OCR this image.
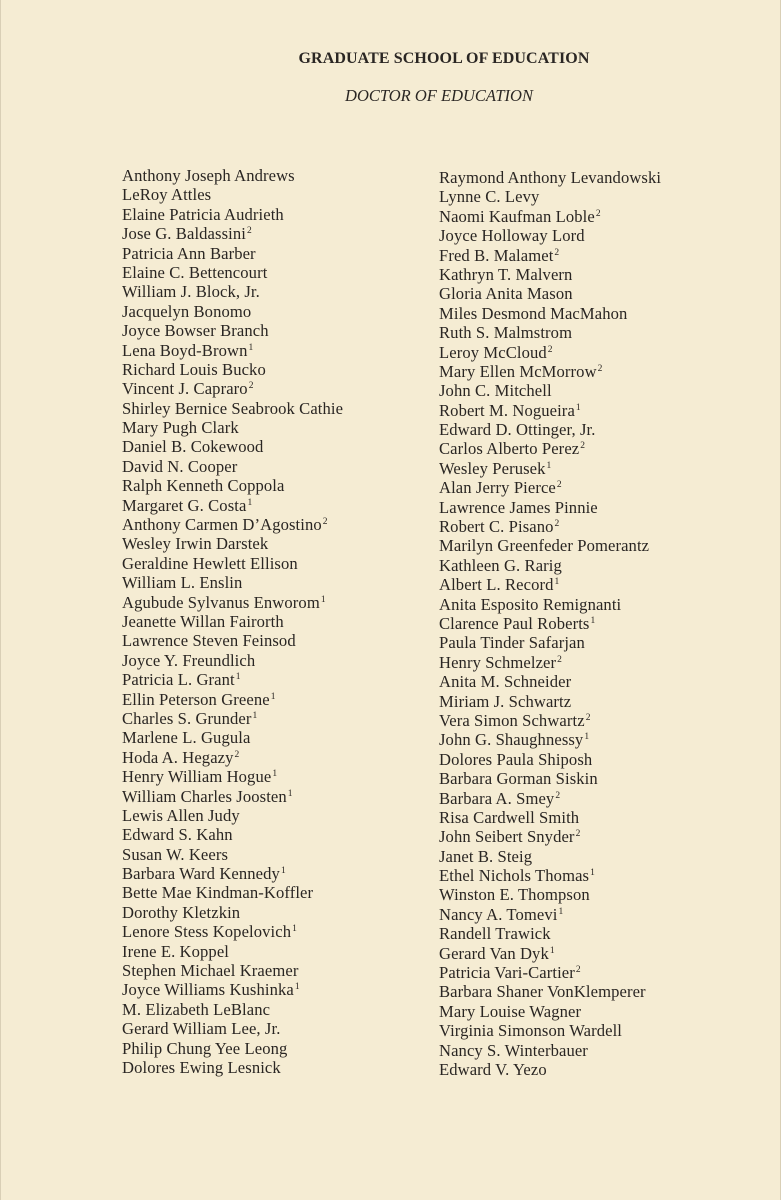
GRADUATE SCHOOL OF EDUCATION
DOCTOR OF EDUCATION
Anthony Joseph Andrews
LeRoy Attles
Elaine Patricia Audrieth
Jose G. Baldassini$^2$
Patricia Ann Barber
Elaine C. Bettencourt
William J. Block, Jr.
Jacquelyn Bonomo
Joyce Bowser Branch
Lena Boyd-Brown$^1$
Richard Louis Bucko
Vincent J. Capraro$^2$
Shirley Bernice Seabrook Cathie
Mary Pugh Clark
Daniel B. Cokewood
David N. Cooper
Ralph Kenneth Coppola
Margaret G. Costa$^1$
Anthony Carmen D’Agostino$^2$
Wesley Irwin Darstek
Geraldine Hewlett Ellison
William L. Enslin
Agubude Sylvanus Enworom$^1$
Jeanette Willan Fairorth
Lawrence Steven Feinsod
Joyce Y. Freundlich
Patricia L. Grant$^1$
Ellin Peterson Greene$^1$
Charles S. Grunder$^1$
Marlene L. Gugula
Hoda A. Hegazy$^2$
Henry William Hogue$^1$
William Charles Joosten$^1$
Lewis Allen Judy
Edward S. Kahn
Susan W. Keers
Barbara Ward Kennedy$^1$
Bette Mae Kindman-Koffler
Dorothy Kletzkin
Lenore Stess Kopelovich$^1$
Irene E. Koppel
Stephen Michael Kraemer
Joyce Williams Kushinka$^1$
M. Elizabeth LeBlanc
Gerard William Lee, Jr.
Philip Chung Yee Leong
Dolores Ewing Lesnick
Raymond Anthony Levandowski
Lynne C. Levy
Naomi Kaufman Loble$^2$
Joyce Holloway Lord
Fred B. Malamet$^2$
Kathryn T. Malvern
Gloria Anita Mason
Miles Desmond MacMahon
Ruth S. Malmstrom
Leroy McCloud$^2$
Mary Ellen McMorrow$^2$
John C. Mitchell
Robert M. Nogueira$^1$
Edward D. Ottinger, Jr.
Carlos Alberto Perez$^2$
Wesley Perusek$^1$
Alan Jerry Pierce$^2$
Lawrence James Pinnie
Robert C. Pisano$^2$
Marilyn Greenfeder Pomerantz
Kathleen G. Rarig
Albert L. Record$^1$
Anita Esposito Remignanti
Clarence Paul Roberts$^1$
Paula Tinder Safarjan
Henry Schmelzer$^2$
Anita M. Schneider
Miriam J. Schwartz
Vera Simon Schwartz$^2$
John G. Shaughnessy$^1$
Dolores Paula Shiposh
Barbara Gorman Siskin
Barbara A. Smey$^2$
Risa Cardwell Smith
John Seibert Snyder$^2$
Janet B. Steig
Ethel Nichols Thomas$^1$
Winston E. Thompson
Nancy A. Tomevi$^1$
Randell Trawick
Gerard Van Dyk$^1$
Patricia Vari-Cartier$^2$
Barbara Shaner VonKlemperer
Mary Louise Wagner
Virginia Simonson Wardell
Nancy S. Winterbauer
Edward V. Yezo
